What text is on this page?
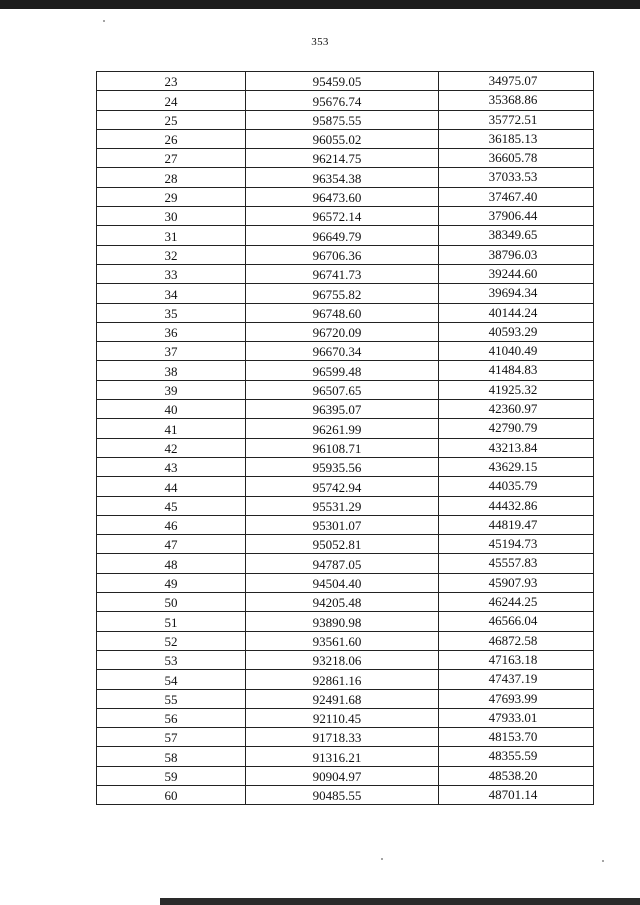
353
23	95459.05	34975.07
24	95676.74	35368.86
25	95875.55	35772.51
26	96055.02	36185.13
27	96214.75	36605.78
28	96354.38	37033.53
29	96473.60	37467.40
30	96572.14	37906.44
31	96649.79	38349.65
32	96706.36	38796.03
33	96741.73	39244.60
34	96755.82	39694.34
35	96748.60	40144.24
36	96720.09	40593.29
37	96670.34	41040.49
38	96599.48	41484.83
39	96507.65	41925.32
40	96395.07	42360.97
41	96261.99	42790.79
42	96108.71	43213.84
43	95935.56	43629.15
44	95742.94	44035.79
45	95531.29	44432.86
46	95301.07	44819.47
47	95052.81	45194.73
48	94787.05	45557.83
49	94504.40	45907.93
50	94205.48	46244.25
51	93890.98	46566.04
52	93561.60	46872.58
53	93218.06	47163.18
54	92861.16	47437.19
55	92491.68	47693.99
56	92110.45	47933.01
57	91718.33	48153.70
58	91316.21	48355.59
59	90904.97	48538.20
60	90485.55	48701.14
